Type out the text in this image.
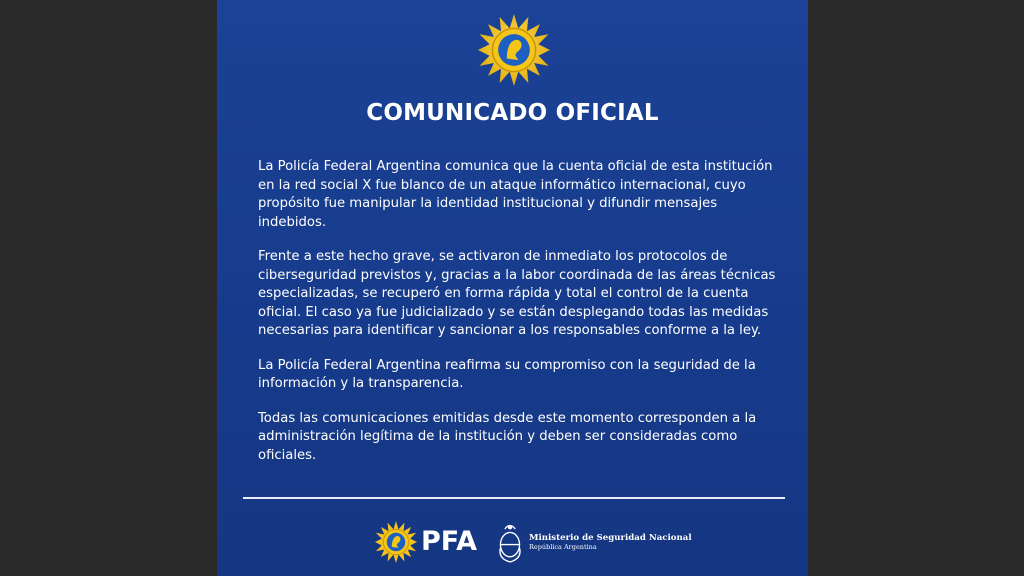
COMUNICADO OFICIAL

La Policía Federal Argentina comunica que la cuenta oficial de esta institución en la red social X fue blanco de un ataque informático internacional, cuyo propósito fue manipular la identidad institucional y difundir mensajes indebidos.

Frente a este hecho grave, se activaron de inmediato los protocolos de ciberseguridad previstos y, gracias a la labor coordinada de las áreas técnicas especializadas, se recuperó en forma rápida y total el control de la cuenta oficial. El caso ya fue judicializado y se están desplegando todas las medidas necesarias para identificar y sancionar a los responsables conforme a la ley.

La Policía Federal Argentina reafirma su compromiso con la seguridad de la información y la transparencia.

Todas las comunicaciones emitidas desde este momento corresponden a la administración legítima de la institución y deben ser consideradas como oficiales.

PFA	Ministerio de Seguridad Nacional
República Argentina
